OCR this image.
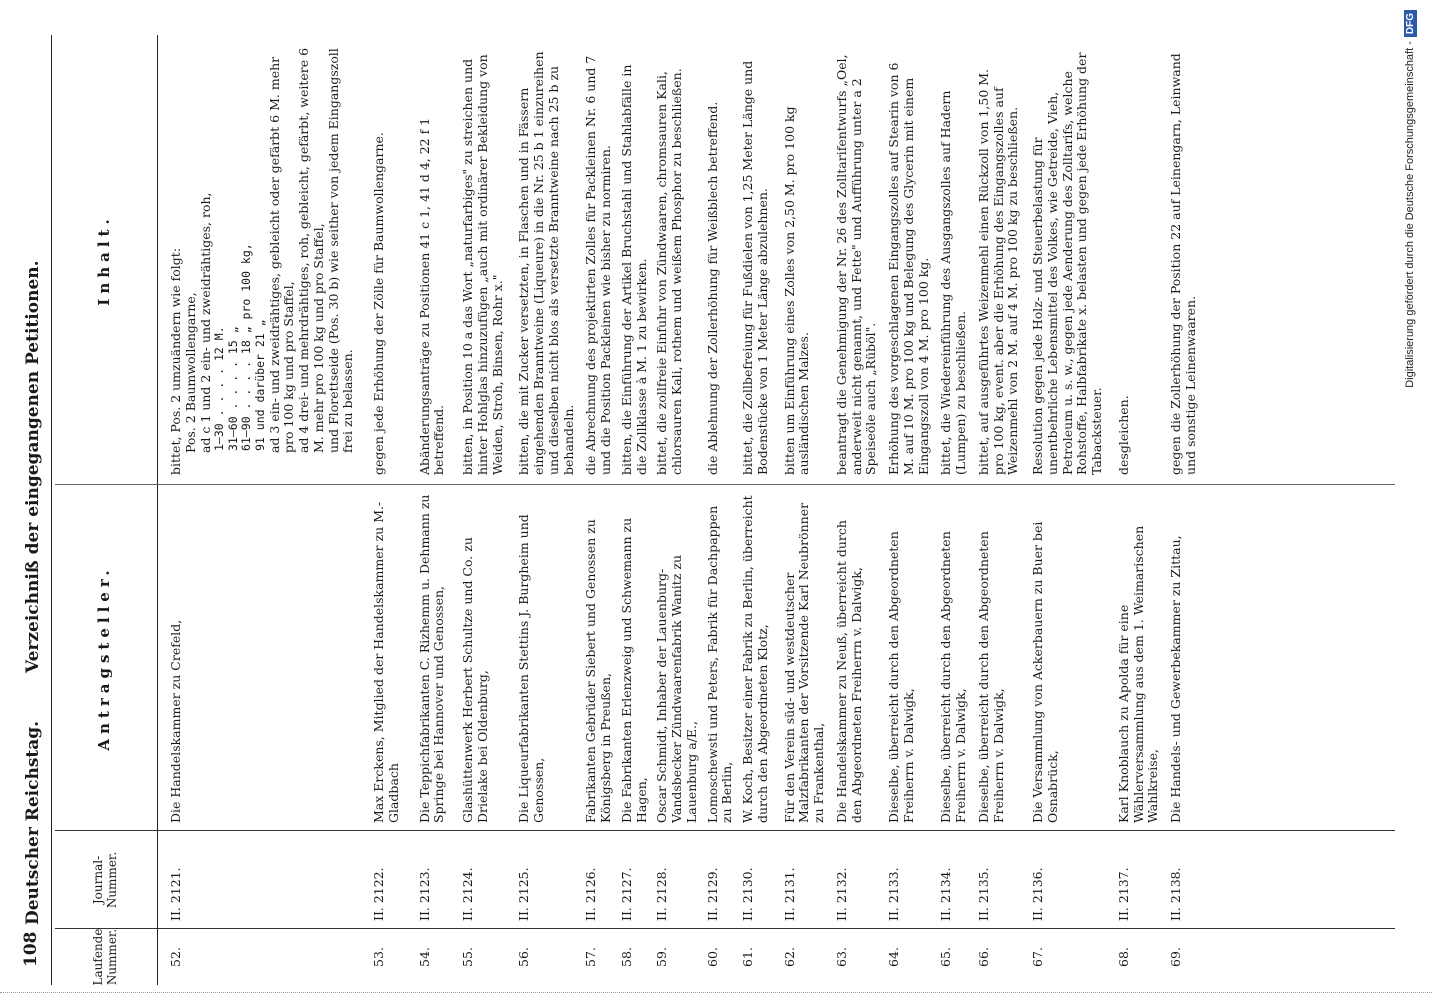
108
Deutscher Reichstag.  Verzeichniß der eingegangenen Petitionen.
Laufende Nummer.
Journal-Nummer.
Antragsteller.
Inhalt.
52.
II. 2121.
Die Handelskammer zu Crefeld,
bittet, Pos. 2 umzuändern wie folgt: Pos. 2 Baumwollengarne, ad c 1 und 2 ein- und zweidrähtiges, roh, 1—30 . . . . 12 M. 31—60 . . . . 15 „ 61—90 . . . . 18 „ pro 100 kg, 91 und darüber 21 „ ad 3 ein- und zweidrähtiges, gebleicht oder gefärbt 6 M. mehr pro 100 kg und pro Staffel, ad 4 drei- und mehrdrähtiges, roh, gebleicht, gefärbt, weitere 6 M. mehr pro 100 kg und pro Staffel, und Florettseide (Pos. 30 b) wie seither von jedem Eingangszoll frei zu belassen.
53.
II. 2122.
Max Erckens, Mitglied der Handelskammer zu M.-Gladbach
gegen jede Erhöhung der Zölle für Baumwollengarne.
54.
II. 2123.
Die Teppichfabrikanten C. Rizhemm u. Dehmann zu Springe bei Hannover und Genossen,
Abänderungsanträge zu Positionen 41 c 1, 41 d 4, 22 f 1 betreffend.
55.
II. 2124.
Glashüttenwerk Herbert Schultze und Co. zu Drielake bei Oldenburg,
bitten, in Position 10 a das Wort „naturfarbiges" zu streichen und hinter Hohlglas hinzuzufügen „auch mit ordinärer Bekleidung von Weiden, Stroh, Binsen, Rohr x."
56.
II. 2125.
Die Liqueurfabrikanten Stettins J. Burgheim und Genossen,
bitten, die mit Zucker versetzten, in Flaschen und in Fässern eingehenden Branntweine (Liqueure) in die Nr. 25 b 1 einzureihen und dieselben nicht blos als versetzte Branntweine nach 25 b zu behandeln.
57.
II. 2126.
Fabrikanten Gebrüder Siebert und Genossen zu Königsberg in Preußen,
die Abrechnung des projektirten Zolles für Packleinen Nr. 6 und 7 und die Position Packleinen wie bisher zu normiren.
58.
II. 2127.
Die Fabrikanten Erlenzweig und Schwemann zu Hagen,
bitten, die Einführung der Artikel Bruchstahl und Stahlabfälle in die Zollklasse à M. 1 zu bewirken.
59.
II. 2128.
Oscar Schmidt, Inhaber der Lauenburg-Vandsbecker Zündwaarenfabrik Wanitz zu Lauenburg a/E.,
bittet, die zollfreie Einfuhr von Zündwaaren, chromsauren Kali, chlorsauren Kali, rothem und weißem Phosphor zu beschließen.
60.
II. 2129.
Lomoschewsti und Peters, Fabrik für Dachpappen zu Berlin,
die Ablehnung der Zollerhöhung für Weißblech betreffend.
61.
II. 2130.
W. Koch, Besitzer einer Fabrik zu Berlin, überreicht durch den Abgeordneten Klotz,
bittet, die Zollbefreiung für Fußdielen von 1,25 Meter Länge und Bodenstücke von 1 Meter Länge abzulehnen.
62.
II. 2131.
Für den Verein süd- und westdeutscher Malzfabrikanten der Vorsitzende Karl Neubrönner zu Frankenthal,
bitten um Einführung eines Zolles von 2,50 M. pro 100 kg ausländischen Malzes.
63.
II. 2132.
Die Handelskammer zu Neuß, überreicht durch den Abgeordneten Freiherrn v. Dalwigk,
beantragt die Genehmigung der Nr. 26 des Zolltarifentwurfs „Oel, anderweit nicht genannt, und Fette" und Aufführung unter a 2 Speiseöle auch „Rüböl".
64.
II. 2133.
Dieselbe, überreicht durch den Abgeordneten Freiherrn v. Dalwigk,
Erhöhung des vorgeschlagenen Eingangszolles auf Stearin von 6 M. auf 10 M. pro 100 kg und Belegung des Glycerin mit einem Eingangszoll von 4 M. pro 100 kg.
65.
II. 2134.
Dieselbe, überreicht durch den Abgeordneten Freiherrn v. Dalwigk,
bittet, die Wiedereinführung des Ausgangszolles auf Hadern (Lumpen) zu beschließen.
66.
II. 2135.
Dieselbe, überreicht durch den Abgeordneten Freiherrn v. Dalwigk,
bittet, auf ausgeführtes Weizenmehl einen Rückzoll von 1,50 M. pro 100 kg, event. aber die Erhöhung des Eingangszolles auf Weizenmehl von 2 M. auf 4 M. pro 100 kg zu beschließen.
67.
II. 2136.
Die Versammlung von Ackerbauern zu Buer bei Osnabrück,
Resolution gegen jede Holz- und Steuerbelastung für unentbehrliche Lebensmittel des Volkes, wie Getreide, Vieh, Petroleum u. s. w., gegen jede Aenderung des Zolltarifs, welche Rohstoffe, Halbfabrikate x. belasten und gegen jede Erhöhung der Tabacksteuer.
68.
II. 2137.
Karl Knoblauch zu Apolda für eine Wählerversammlung aus dem 1. Weimarischen Wahlkreise,
desgleichen.
69.
II. 2138.
Die Handels- und Gewerbekammer zu Zittau,
gegen die Zollerhöhung der Position 22 auf Leinengarn, Leinwand und sonstige Leinenwaaren.	Digitalisierung gefördert durch die Deutsche Forschungsgemeinschaft -
DFG
